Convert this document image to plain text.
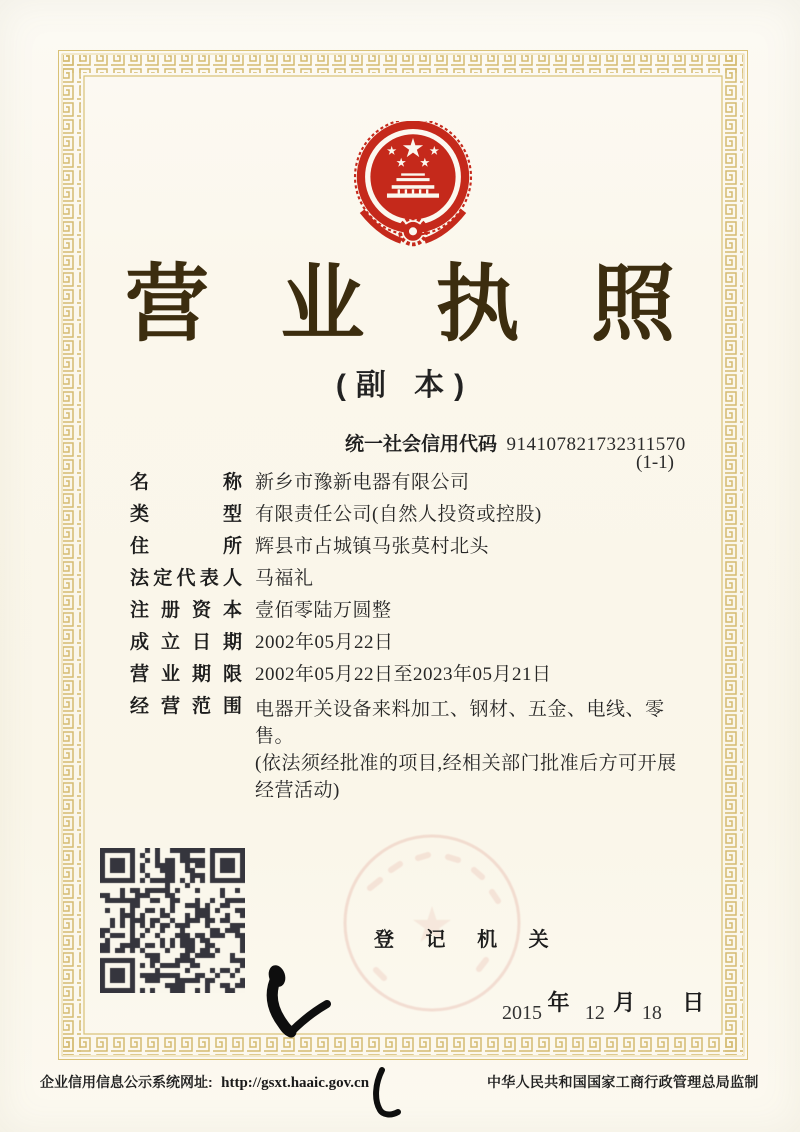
营 业 执 照
(副 本)
统一社会信用代码 914107821732311570
(1-1)
名称 新乡市豫新电器有限公司
类型 有限责任公司(自然人投资或控股)
住所 辉县市占城镇马张莫村北头
法定代表人 马福礼
注册资本 壹佰零陆万圆整
成立日期 2002年05月22日
营业期限 2002年05月22日至2023年05月21日
经营范围 电器开关设备来料加工、钢材、五金、电线、零售。
(依法须经批准的项目,经相关部门批准后方可开展经营活动)
登 记 机 关
2015 年 12 月 18 日
企业信用信息公示系统网址: http://gsxt.haaic.gov.cn	中华人民共和国国家工商行政管理总局监制
